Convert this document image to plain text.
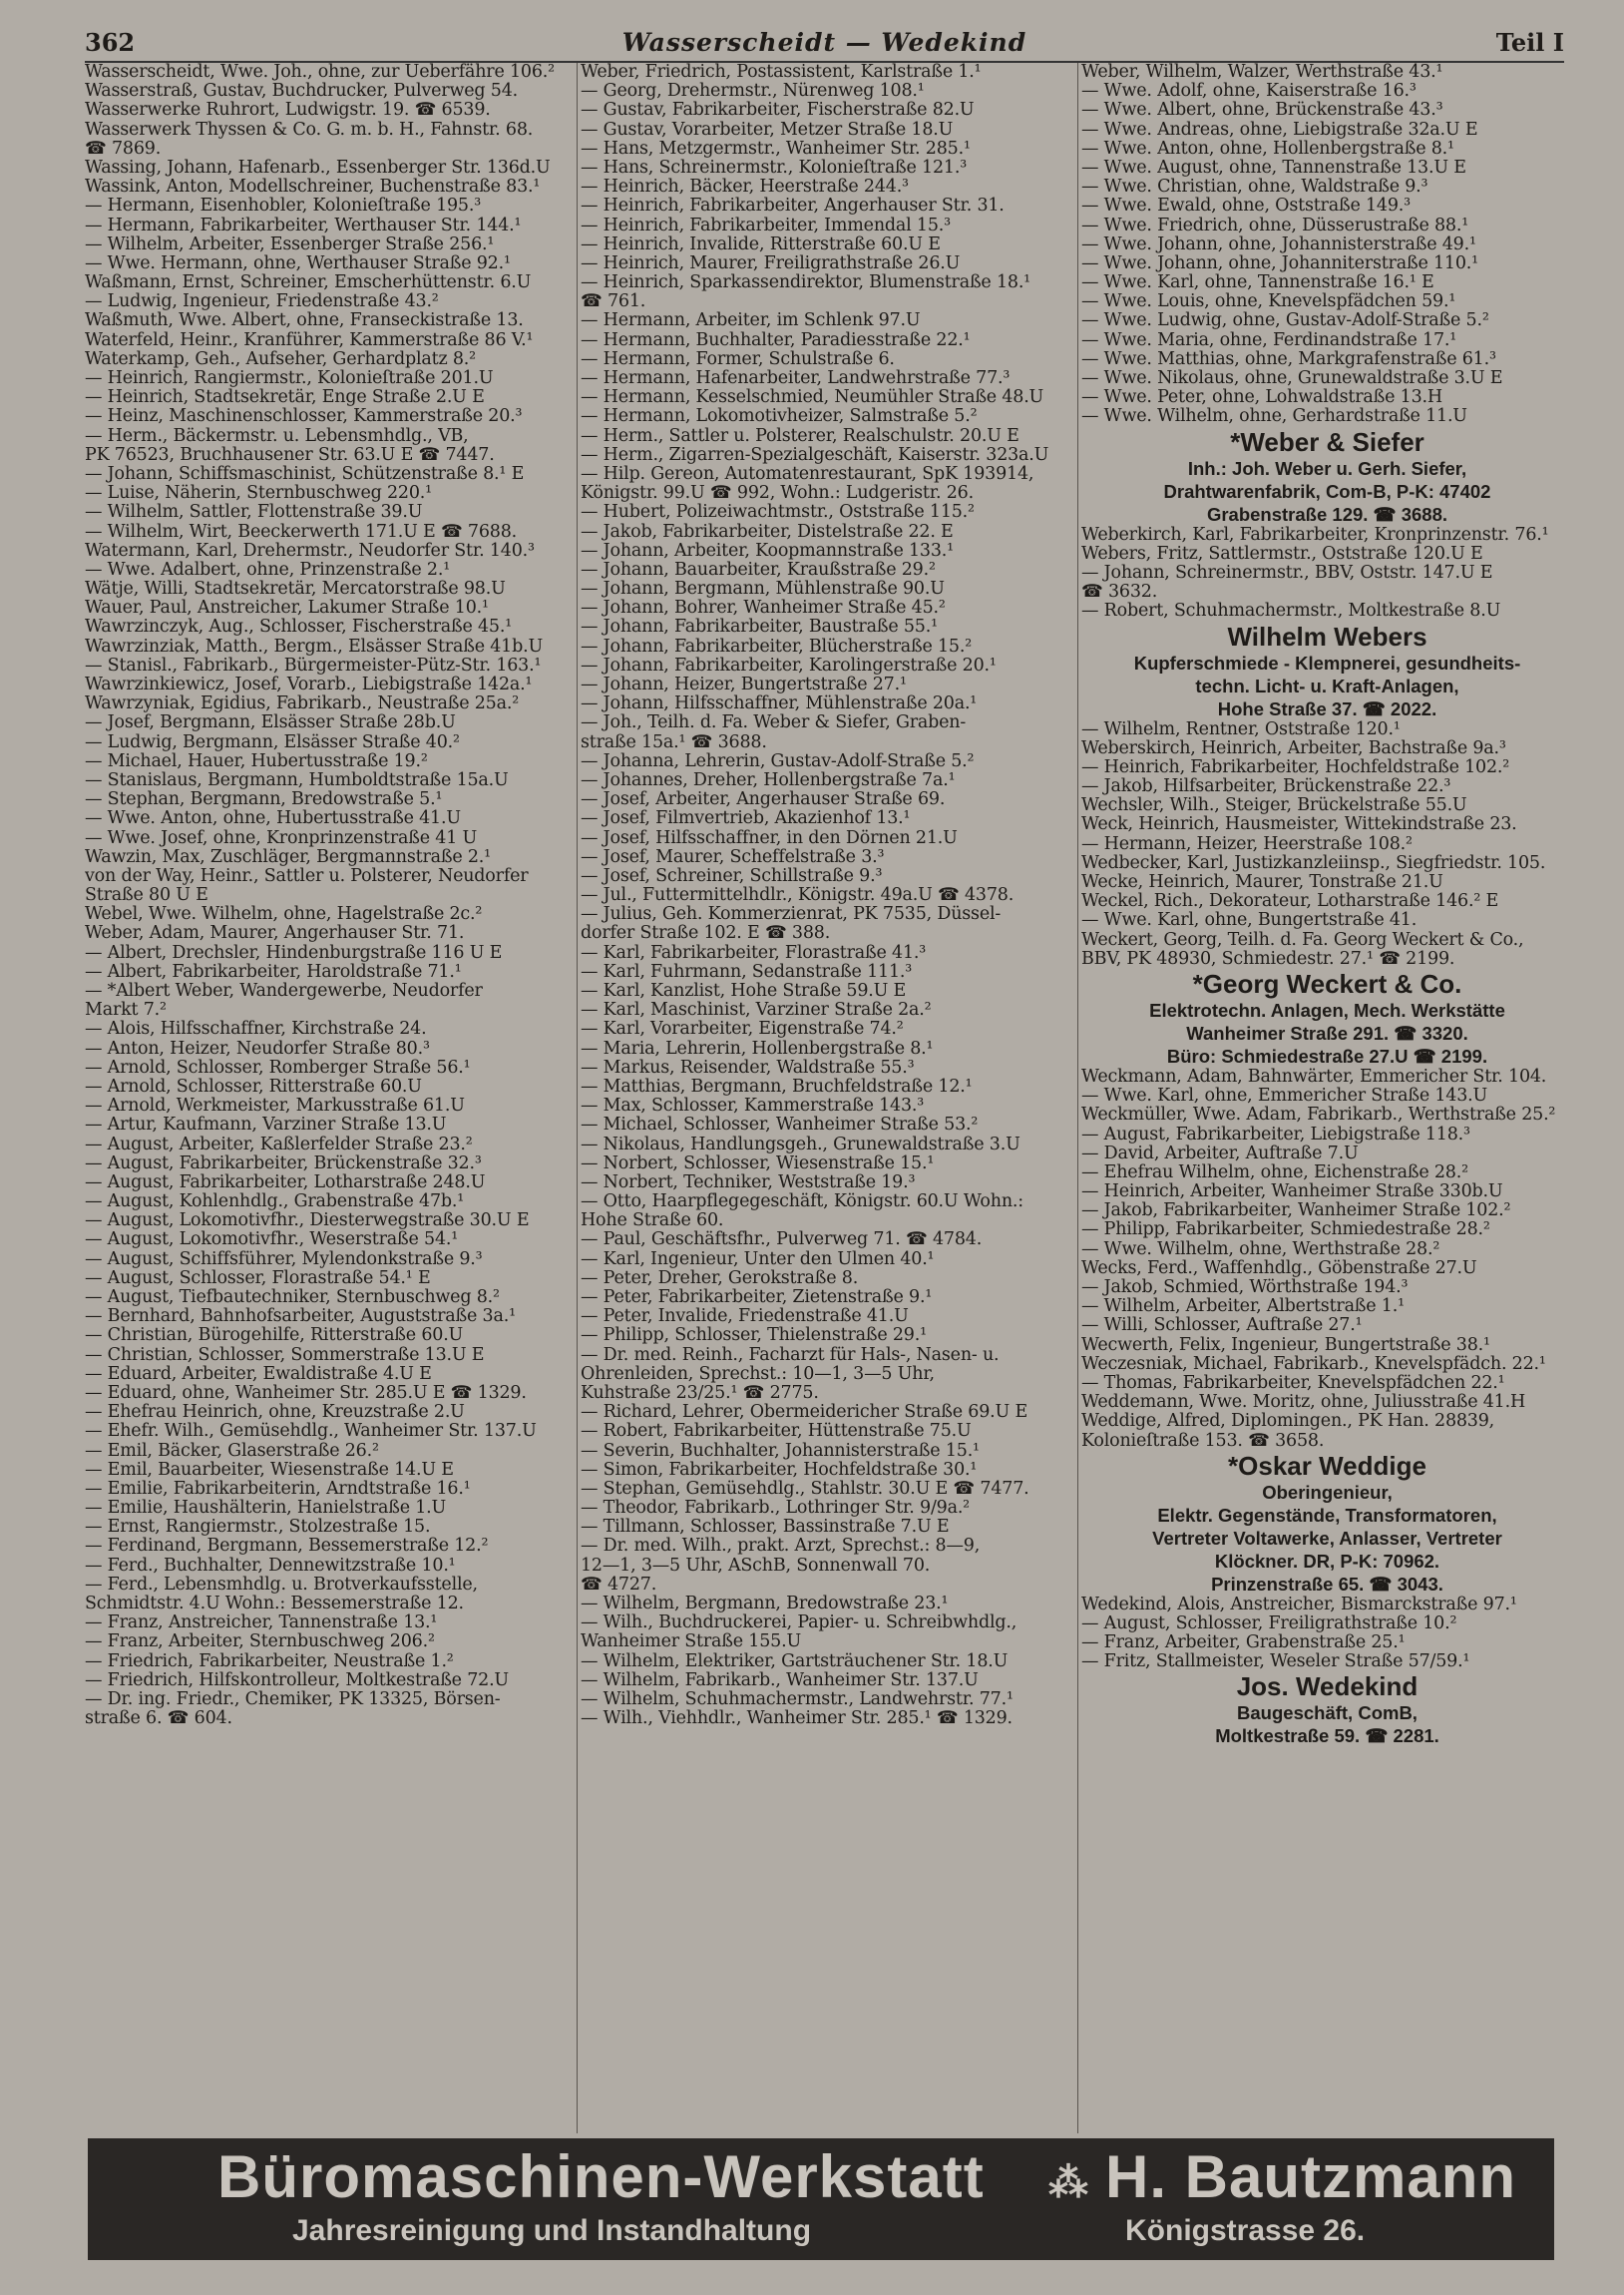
362	Wasserscheidt — Wedekind	Teil I
Wasserscheidt, Wwe. Joh., ohne, zur Ueberfähre 106.²
Wasserstraß, Gustav, Buchdrucker, Pulverweg 54.
Wasserwerke Ruhrort, Ludwigstr. 19. ☎ 6539.
Wasserwerk Thyssen & Co. G. m. b. H., Fahnstr. 68.
☎ 7869.
Wassing, Johann, Hafenarb., Essenberger Str. 136d.U
Wassink, Anton, Modellschreiner, Buchenstraße 83.¹
— Hermann, Eisenhobler, Kolonieſtraße 195.³
— Hermann, Fabrikarbeiter, Werthauser Str. 144.¹
— Wilhelm, Arbeiter, Essenberger Straße 256.¹
— Wwe. Hermann, ohne, Werthauser Straße 92.¹
Waßmann, Ernst, Schreiner, Emscherhüttenstr. 6.U
— Ludwig, Ingenieur, Friedenstraße 43.²
Waßmuth, Wwe. Albert, ohne, Franseckistraße 13.
Waterfeld, Heinr., Kranführer, Kammerstraße 86 V.¹
Waterkamp, Geh., Aufseher, Gerhardplatz 8.²
— Heinrich, Rangiermstr., Kolonieſtraße 201.U
— Heinrich, Stadtsekretär, Enge Straße 2.U E
— Heinz, Maschinenschlosser, Kammerstraße 20.³
— Herm., Bäckermstr. u. Lebensmhdlg., VB,
PK 76523, Bruchhausener Str. 63.U E ☎ 7447.
— Johann, Schiffsmaschinist, Schützenstraße 8.¹ E
— Luise, Näherin, Sternbuschweg 220.¹
— Wilhelm, Sattler, Flottenstraße 39.U
— Wilhelm, Wirt, Beeckerwerth 171.U E ☎ 7688.
Watermann, Karl, Drehermstr., Neudorfer Str. 140.³
— Wwe. Adalbert, ohne, Prinzenstraße 2.¹
Wätje, Willi, Stadtsekretär, Mercatorstraße 98.U
Wauer, Paul, Anstreicher, Lakumer Straße 10.¹
Wawrzinczyk, Aug., Schlosser, Fischerstraße 45.¹
Wawrzinziak, Matth., Bergm., Elsässer Straße 41b.U
— Stanisl., Fabrikarb., Bürgermeister-Pütz-Str. 163.¹
Wawrzinkiewicz, Josef, Vorarb., Liebigstraße 142a.¹
Wawrzyniak, Egidius, Fabrikarb., Neustraße 25a.²
— Josef, Bergmann, Elsässer Straße 28b.U
— Ludwig, Bergmann, Elsässer Straße 40.²
— Michael, Hauer, Hubertusstraße 19.²
— Stanislaus, Bergmann, Humboldtstraße 15a.U
— Stephan, Bergmann, Bredowstraße 5.¹
— Wwe. Anton, ohne, Hubertusstraße 41.U
— Wwe. Josef, ohne, Kronprinzenstraße 41 U
Wawzin, Max, Zuschläger, Bergmannstraße 2.¹
von der Way, Heinr., Sattler u. Polsterer, Neudorfer
Straße 80 U E
Webel, Wwe. Wilhelm, ohne, Hagelstraße 2c.²
Weber, Adam, Maurer, Angerhauser Str. 71.
— Albert, Drechsler, Hindenburgstraße 116 U E
— Albert, Fabrikarbeiter, Haroldstraße 71.¹
— *Albert Weber, Wandergewerbe, Neudorfer
Markt 7.²
— Alois, Hilfsschaffner, Kirchstraße 24.
— Anton, Heizer, Neudorfer Straße 80.³
— Arnold, Schlosser, Romberger Straße 56.¹
— Arnold, Schlosser, Ritterstraße 60.U
— Arnold, Werkmeister, Markusstraße 61.U
— Artur, Kaufmann, Varziner Straße 13.U
— August, Arbeiter, Kaßlerfelder Straße 23.²
— August, Fabrikarbeiter, Brückenstraße 32.³
— August, Fabrikarbeiter, Lotharstraße 248.U
— August, Kohlenhdlg., Grabenstraße 47b.¹
— August, Lokomotivfhr., Diesterwegstraße 30.U E
— August, Lokomotivfhr., Weserstraße 54.¹
— August, Schiffsführer, Mylendonkstraße 9.³
— August, Schlosser, Florastraße 54.¹ E
— August, Tiefbautechniker, Sternbuschweg 8.²
— Bernhard, Bahnhofsarbeiter, Auguststraße 3a.¹
— Christian, Bürogehilfe, Ritterstraße 60.U
— Christian, Schlosser, Sommerstraße 13.U E
— Eduard, Arbeiter, Ewaldistraße 4.U E
— Eduard, ohne, Wanheimer Str. 285.U E ☎ 1329.
— Ehefrau Heinrich, ohne, Kreuzstraße 2.U
— Ehefr. Wilh., Gemüsehdlg., Wanheimer Str. 137.U
— Emil, Bäcker, Glaserstraße 26.²
— Emil, Bauarbeiter, Wiesenstraße 14.U E
— Emilie, Fabrikarbeiterin, Arndtstraße 16.¹
— Emilie, Haushälterin, Hanielstraße 1.U
— Ernst, Rangiermstr., Stolzestraße 15.
— Ferdinand, Bergmann, Bessemerstraße 12.²
— Ferd., Buchhalter, Dennewitzstraße 10.¹
— Ferd., Lebensmhdlg. u. Brotverkaufsstelle,
Schmidtstr. 4.U Wohn.: Bessemerstraße 12.
— Franz, Anstreicher, Tannenstraße 13.¹
— Franz, Arbeiter, Sternbuschweg 206.²
— Friedrich, Fabrikarbeiter, Neustraße 1.²
— Friedrich, Hilfskontrolleur, Moltkestraße 72.U
— Dr. ing. Friedr., Chemiker, PK 13325, Börsen-
straße 6. ☎ 604.
Weber, Friedrich, Postassistent, Karlstraße 1.¹
— Georg, Drehermstr., Nürenweg 108.¹
— Gustav, Fabrikarbeiter, Fischerstraße 82.U
— Gustav, Vorarbeiter, Metzer Straße 18.U
— Hans, Metzgermstr., Wanheimer Str. 285.¹
— Hans, Schreinermstr., Kolonieſtraße 121.³
— Heinrich, Bäcker, Heerstraße 244.³
— Heinrich, Fabrikarbeiter, Angerhauser Str. 31.
— Heinrich, Fabrikarbeiter, Immendal 15.³
— Heinrich, Invalide, Ritterstraße 60.U E
— Heinrich, Maurer, Freiligrathstraße 26.U
— Heinrich, Sparkassendirektor, Blumenstraße 18.¹
☎ 761.
— Hermann, Arbeiter, im Schlenk 97.U
— Hermann, Buchhalter, Paradiesstraße 22.¹
— Hermann, Former, Schulstraße 6.
— Hermann, Hafenarbeiter, Landwehrstraße 77.³
— Hermann, Kesselschmied, Neumühler Straße 48.U
— Hermann, Lokomotivheizer, Salmstraße 5.²
— Herm., Sattler u. Polsterer, Realschulstr. 20.U E
— Herm., Zigarren-Spezialgeschäft, Kaiserstr. 323a.U
— Hilp. Gereon, Automatenrestaurant, SpK 193914,
Königstr. 99.U ☎ 992, Wohn.: Ludgeristr. 26.
— Hubert, Polizeiwachtmstr., Oststraße 115.²
— Jakob, Fabrikarbeiter, Distelstraße 22. E
— Johann, Arbeiter, Koopmannstraße 133.¹
— Johann, Bauarbeiter, Kraußstraße 29.²
— Johann, Bergmann, Mühlenstraße 90.U
— Johann, Bohrer, Wanheimer Straße 45.²
— Johann, Fabrikarbeiter, Baustraße 55.¹
— Johann, Fabrikarbeiter, Blücherstraße 15.²
— Johann, Fabrikarbeiter, Karolingerstraße 20.¹
— Johann, Heizer, Bungertstraße 27.¹
— Johann, Hilfsschaffner, Mühlenstraße 20a.¹
— Joh., Teilh. d. Fa. Weber & Siefer, Graben-
straße 15a.¹ ☎ 3688.
— Johanna, Lehrerin, Gustav-Adolf-Straße 5.²
— Johannes, Dreher, Hollenbergstraße 7a.¹
— Josef, Arbeiter, Angerhauser Straße 69.
— Josef, Filmvertrieb, Akazienhof 13.¹
— Josef, Hilfsschaffner, in den Dörnen 21.U
— Josef, Maurer, Scheffelstraße 3.³
— Josef, Schreiner, Schillstraße 9.³
— Jul., Futtermittelhdlr., Königstr. 49a.U ☎ 4378.
— Julius, Geh. Kommerzienrat, PK 7535, Düssel-
dorfer Straße 102. E ☎ 388.
— Karl, Fabrikarbeiter, Florastraße 41.³
— Karl, Fuhrmann, Sedanstraße 111.³
— Karl, Kanzlist, Hohe Straße 59.U E
— Karl, Maschinist, Varziner Straße 2a.²
— Karl, Vorarbeiter, Eigenstraße 74.²
— Maria, Lehrerin, Hollenbergstraße 8.¹
— Markus, Reisender, Waldstraße 55.³
— Matthias, Bergmann, Bruchfeldstraße 12.¹
— Max, Schlosser, Kammerstraße 143.³
— Michael, Schlosser, Wanheimer Straße 53.²
— Nikolaus, Handlungsgeh., Grunewaldstraße 3.U
— Norbert, Schlosser, Wiesenstraße 15.¹
— Norbert, Techniker, Weststraße 19.³
— Otto, Haarpflegegeschäft, Königstr. 60.U Wohn.:
Hohe Straße 60.
— Paul, Geschäftsfhr., Pulverweg 71. ☎ 4784.
— Karl, Ingenieur, Unter den Ulmen 40.¹
— Peter, Dreher, Gerokstraße 8.
— Peter, Fabrikarbeiter, Zietenstraße 9.¹
— Peter, Invalide, Friedenstraße 41.U
— Philipp, Schlosser, Thielenstraße 29.¹
— Dr. med. Reinh., Facharzt für Hals-, Nasen- u.
Ohrenleiden, Sprechst.: 10—1, 3—5 Uhr,
Kuhstraße 23/25.¹ ☎ 2775.
— Richard, Lehrer, Obermeidericher Straße 69.U E
— Robert, Fabrikarbeiter, Hüttenstraße 75.U
— Severin, Buchhalter, Johannisterstraße 15.¹
— Simon, Fabrikarbeiter, Hochfeldstraße 30.¹
— Stephan, Gemüsehdlg., Stahlstr. 30.U E ☎ 7477.
— Theodor, Fabrikarb., Lothringer Str. 9/9a.²
— Tillmann, Schlosser, Bassinstraße 7.U E
— Dr. med. Wilh., prakt. Arzt, Sprechst.: 8—9,
12—1, 3—5 Uhr, ASchB, Sonnenwall 70.
☎ 4727.
— Wilhelm, Bergmann, Bredowstraße 23.¹
— Wilh., Buchdruckerei, Papier- u. Schreibwhdlg.,
Wanheimer Straße 155.U
— Wilhelm, Elektriker, Gartsträuchener Str. 18.U
— Wilhelm, Fabrikarb., Wanheimer Str. 137.U
— Wilhelm, Schuhmachermstr., Landwehrstr. 77.¹
— Wilh., Viehhdlr., Wanheimer Str. 285.¹ ☎ 1329.
Weber, Wilhelm, Walzer, Werthstraße 43.¹
— Wwe. Adolf, ohne, Kaiserstraße 16.³
— Wwe. Albert, ohne, Brückenstraße 43.³
— Wwe. Andreas, ohne, Liebigstraße 32a.U E
— Wwe. Anton, ohne, Hollenbergstraße 8.¹
— Wwe. August, ohne, Tannenstraße 13.U E
— Wwe. Christian, ohne, Waldstraße 9.³
— Wwe. Ewald, ohne, Oststraße 149.³
— Wwe. Friedrich, ohne, Düsserustraße 88.¹
— Wwe. Johann, ohne, Johannisterstraße 49.¹
— Wwe. Johann, ohne, Johanniterstraße 110.¹
— Wwe. Karl, ohne, Tannenstraße 16.¹ E
— Wwe. Louis, ohne, Knevelspfädchen 59.¹
— Wwe. Ludwig, ohne, Gustav-Adolf-Straße 5.²
— Wwe. Maria, ohne, Ferdinandstraße 17.¹
— Wwe. Matthias, ohne, Markgrafenstraße 61.³
— Wwe. Nikolaus, ohne, Grunewaldstraße 3.U E
— Wwe. Peter, ohne, Lohwaldstraße 13.H
— Wwe. Wilhelm, ohne, Gerhardstraße 11.U
*Weber & Siefer
Inh.: Joh. Weber u. Gerh. Siefer,
Drahtwarenfabrik, Com-B, P-K: 47402
Grabenstraße 129. ☎ 3688.
Weberkirch, Karl, Fabrikarbeiter, Kronprinzenstr. 76.¹
Webers, Fritz, Sattlermstr., Oststraße 120.U E
— Johann, Schreinermstr., BBV, Oststr. 147.U E
☎ 3632.
— Robert, Schuhmachermstr., Moltkestraße 8.U
Wilhelm Webers
Kupferschmiede - Klempnerei, gesundheits-
techn. Licht- u. Kraft-Anlagen,
Hohe Straße 37. ☎ 2022.
— Wilhelm, Rentner, Oststraße 120.¹
Weberskirch, Heinrich, Arbeiter, Bachstraße 9a.³
— Heinrich, Fabrikarbeiter, Hochfeldstraße 102.²
— Jakob, Hilfsarbeiter, Brückenstraße 22.³
Wechsler, Wilh., Steiger, Brückelstraße 55.U
Weck, Heinrich, Hausmeister, Wittekindstraße 23.
— Hermann, Heizer, Heerstraße 108.²
Wedbecker, Karl, Justizkanzleiinsp., Siegfriedstr. 105.
Wecke, Heinrich, Maurer, Tonstraße 21.U
Weckel, Rich., Dekorateur, Lotharstraße 146.² E
— Wwe. Karl, ohne, Bungertstraße 41.
Weckert, Georg, Teilh. d. Fa. Georg Weckert & Co.,
BBV, PK 48930, Schmiedestr. 27.¹ ☎ 2199.
*Georg Weckert & Co.
Elektrotechn. Anlagen, Mech. Werkstätte
Wanheimer Straße 291. ☎ 3320.
Büro: Schmiedestraße 27.U ☎ 2199.
Weckmann, Adam, Bahnwärter, Emmericher Str. 104.
— Wwe. Karl, ohne, Emmericher Straße 143.U
Weckmüller, Wwe. Adam, Fabrikarb., Werthstraße 25.²
— August, Fabrikarbeiter, Liebigstraße 118.³
— David, Arbeiter, Auftraße 7.U
— Ehefrau Wilhelm, ohne, Eichenstraße 28.²
— Heinrich, Arbeiter, Wanheimer Straße 330b.U
— Jakob, Fabrikarbeiter, Wanheimer Straße 102.²
— Philipp, Fabrikarbeiter, Schmiedestraße 28.²
— Wwe. Wilhelm, ohne, Werthstraße 28.²
Wecks, Ferd., Waffenhdlg., Göbenstraße 27.U
— Jakob, Schmied, Wörthstraße 194.³
— Wilhelm, Arbeiter, Albertstraße 1.¹
— Willi, Schlosser, Auftraße 27.¹
Wecwerth, Felix, Ingenieur, Bungertstraße 38.¹
Weczesniak, Michael, Fabrikarb., Knevelspfädch. 22.¹
— Thomas, Fabrikarbeiter, Knevelspfädchen 22.¹
Weddemann, Wwe. Moritz, ohne, Juliusstraße 41.H
Weddige, Alfred, Diplomingen., PK Han. 28839,
Kolonieſtraße 153. ☎ 3658.
*Oskar Weddige
Oberingenieur,
Elektr. Gegenstände, Transformatoren,
Vertreter Voltawerke, Anlasser, Vertreter
Klöckner. DR, P-K: 70962.
Prinzenstraße 65. ☎ 3043.
Wedekind, Alois, Anstreicher, Bismarckstraße 97.¹
— August, Schlosser, Freiligrathstraße 10.²
— Franz, Arbeiter, Grabenstraße 25.¹
— Fritz, Stallmeister, Weseler Straße 57/59.¹
Jos. Wedekind
Baugeschäft, ComB,
Moltkestraße 59. ☎ 2281.
Büromaschinen-Werkstatt ⁂ H. Bautzmann
Jahresreinigung und Instandhaltung	Königstrasse 26.
